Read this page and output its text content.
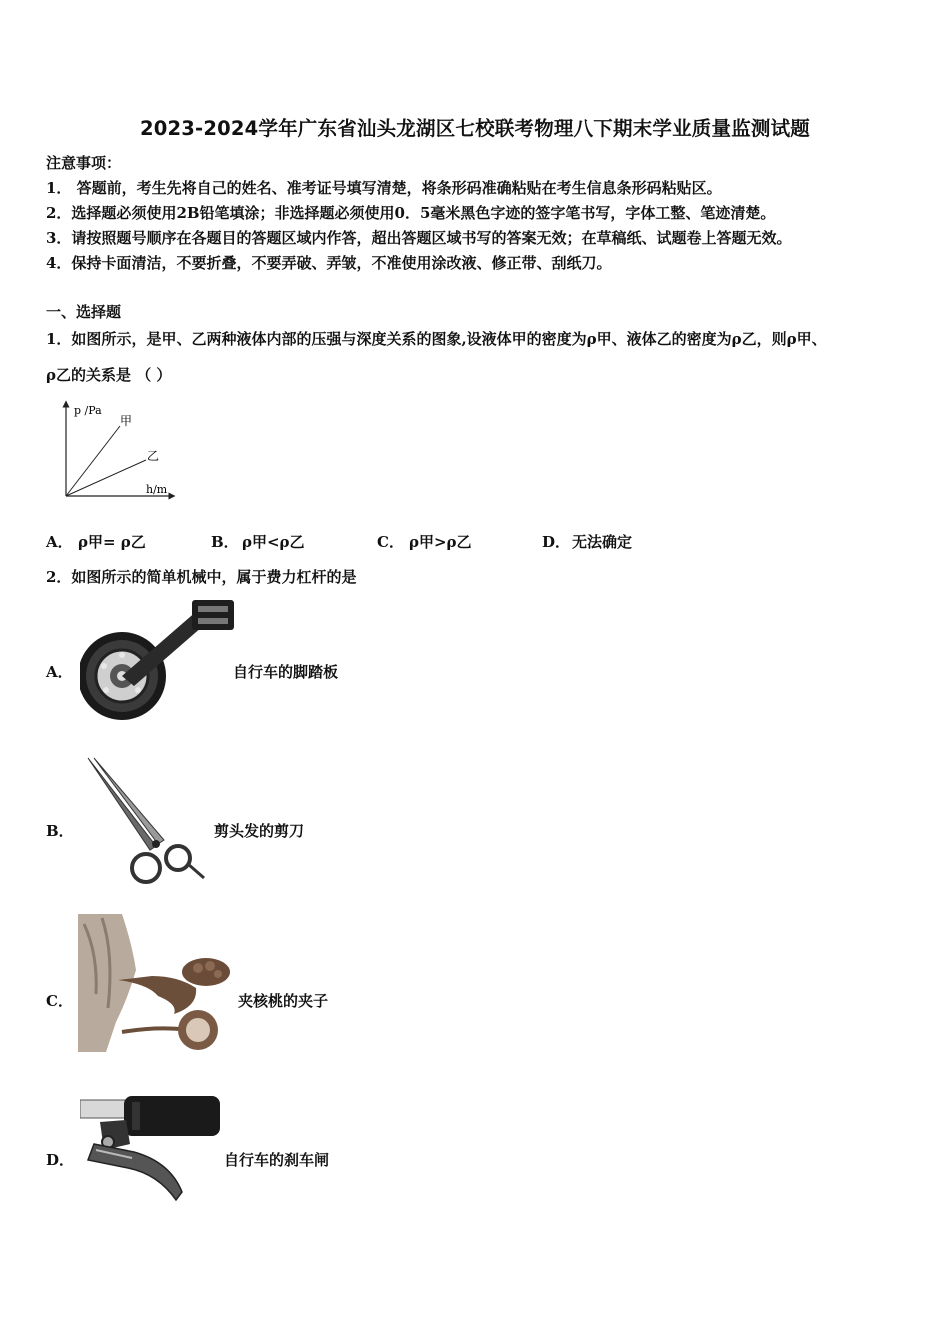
2023-2024学年广东省汕头龙湖区七校联考物理八下期末学业质量监测试题
注意事项：
1． 答题前，考生先将自己的姓名、准考证号填写清楚，将条形码准确粘贴在考生信息条形码粘贴区。
2．选择题必须使用2B铅笔填涂；非选择题必须使用0．5毫米黑色字迹的签字笔书写，字体工整、笔迹清楚。
3．请按照题号顺序在各题目的答题区域内作答，超出答题区域书写的答案无效；在草稿纸、试题卷上答题无效。
4．保持卡面清洁，不要折叠，不要弄破、弄皱，不准使用涂改液、修正带、刮纸刀。
一、选择题
1．如图所示，是甲、乙两种液体内部的压强与深度关系的图象,设液体甲的密度为ρ甲、液体乙的密度为ρ乙，则ρ甲、
ρ乙的关系是 （ ）
p /Pa
h/m
甲
乙
A． ρ甲= ρ乙	B． ρ甲<ρ乙	C． ρ甲>ρ乙	D． 无法确定
2．如图所示的简单机械中，属于费力杠杆的是
A．	自行车的脚踏板
B．	剪头发的剪刀
C．	夹核桃的夹子
D．	自行车的刹车闸
